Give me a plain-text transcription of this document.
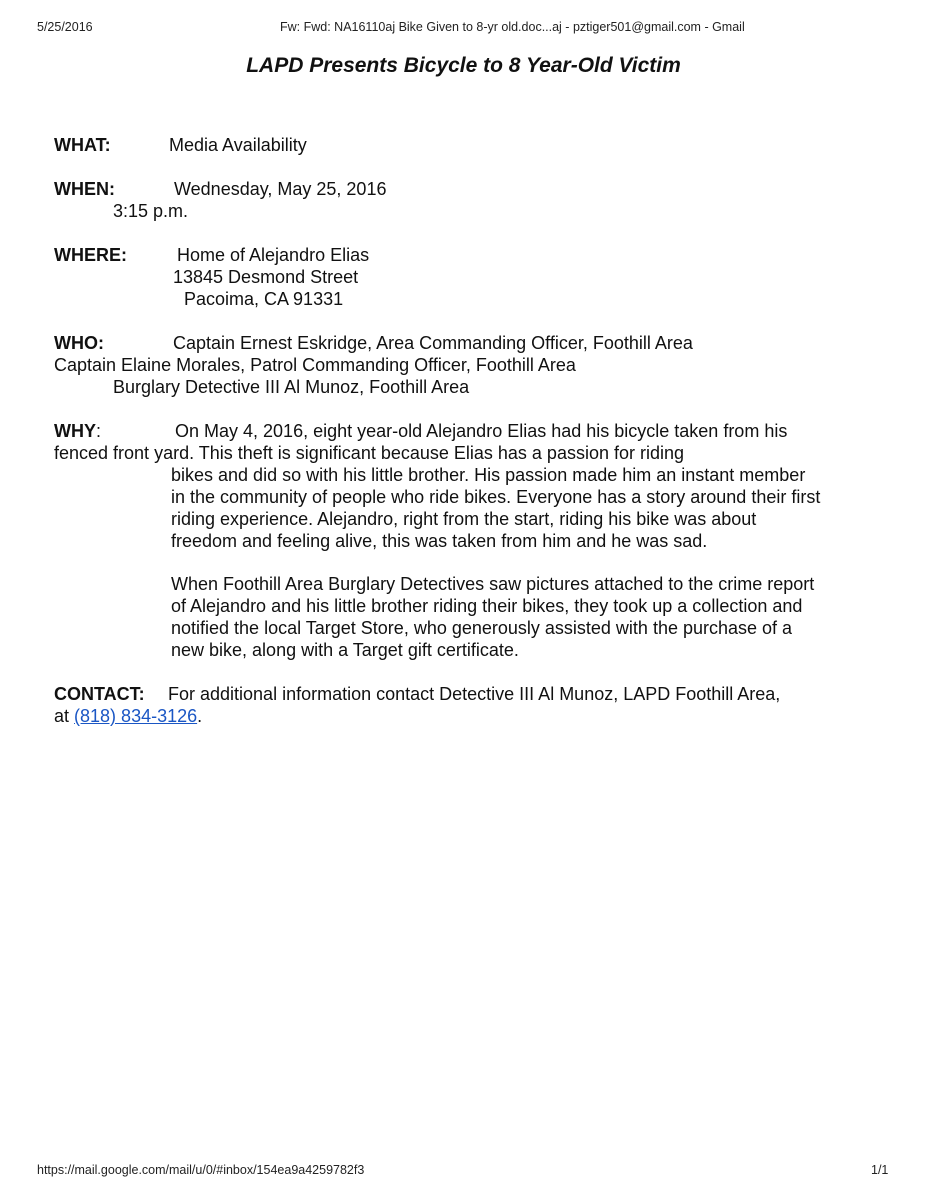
5/25/2016	Fw: Fwd: NA16110aj Bike Given to 8-yr old.doc...aj - pztiger501@gmail.com - Gmail
LAPD Presents Bicycle to 8 Year-Old Victim
WHAT:	Media Availability
WHEN:	Wednesday, May 25, 2016
3:15 p.m.
WHERE:	Home of Alejandro Elias
13845 Desmond Street
Pacoima, CA 91331
WHO:	Captain Ernest Eskridge, Area Commanding Officer, Foothill Area
Captain Elaine Morales, Patrol Commanding Officer, Foothill Area
Burglary Detective III Al Munoz, Foothill Area
WHY:	On May 4, 2016, eight year-old Alejandro Elias had his bicycle taken from his
fenced front yard. This theft is significant because Elias has a passion for riding
bikes and did so with his little brother. His passion made him an instant member
in the community of people who ride bikes. Everyone has a story around their first
riding experience. Alejandro, right from the start, riding his bike was about
freedom and feeling alive, this was taken from him and he was sad.
When Foothill Area Burglary Detectives saw pictures attached to the crime report
of Alejandro and his little brother riding their bikes, they took up a collection and
notified the local Target Store, who generously assisted with the purchase of a
new bike, along with a Target gift certificate.
CONTACT: For additional information contact Detective III Al Munoz, LAPD Foothill Area,
at (818) 834-3126.
https://mail.google.com/mail/u/0/#inbox/154ea9a4259782f3	1/1
